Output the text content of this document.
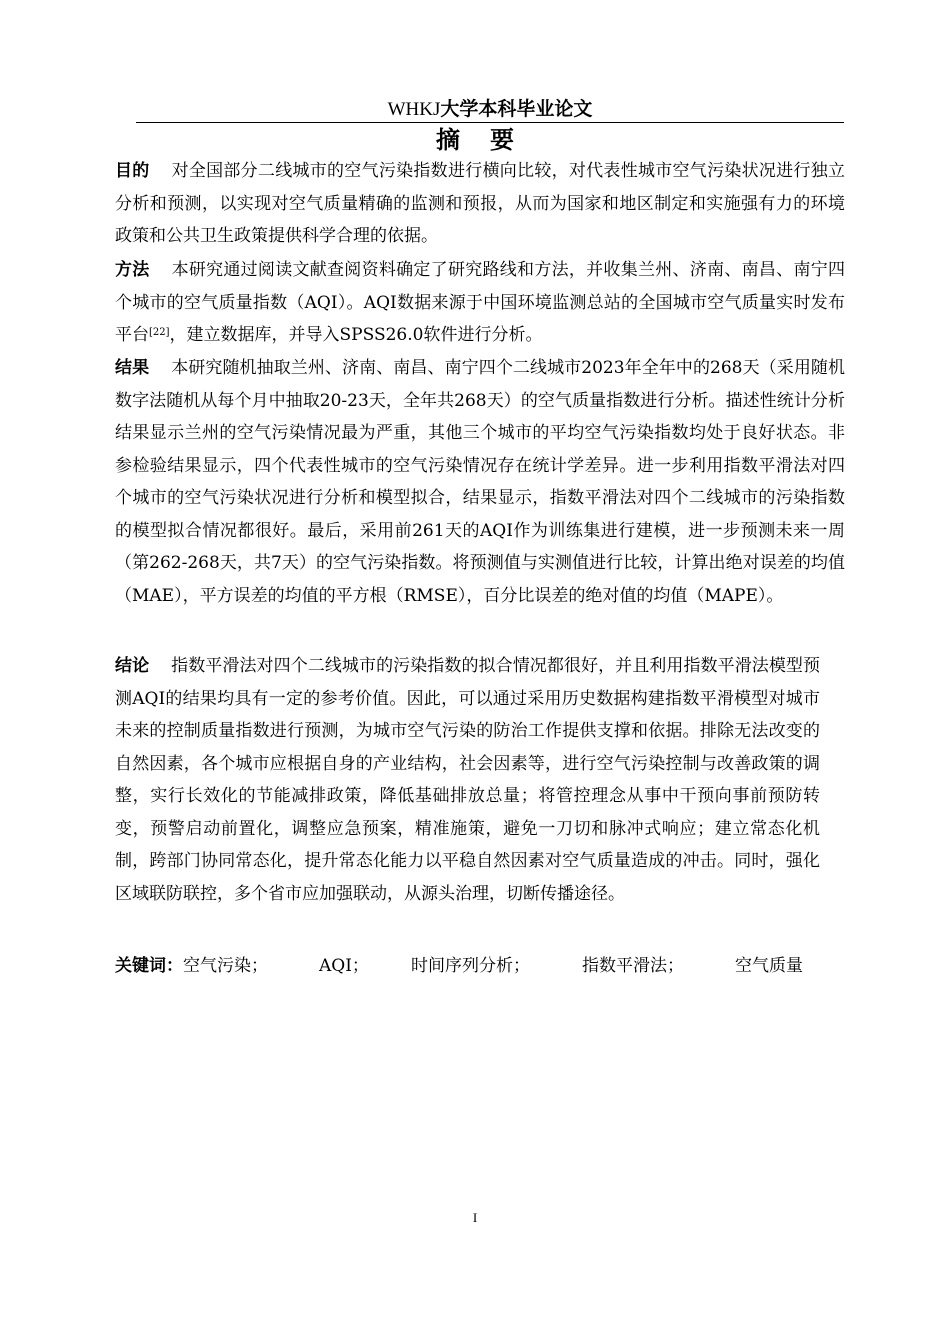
WHKJ大学本科毕业论文
摘要
目的 对全国部分二线城市的空气污染指数进行横向比较，对代表性城市空气污染状况进行独立分析和预测，以实现对空气质量精确的监测和预报，从而为国家和地区制定和实施强有力的环境政策和公共卫生政策提供科学合理的依据。
方法 本研究通过阅读文献查阅资料确定了研究路线和方法，并收集兰州、济南、南昌、南宁四个城市的空气质量指数（AQI）。AQI数据来源于中国环境监测总站的全国城市空气质量实时发布平台[22]，建立数据库，并导入SPSS26.0软件进行分析。
结果 本研究随机抽取兰州、济南、南昌、南宁四个二线城市2023年全年中的268天（采用随机数字法随机从每个月中抽取20-23天，全年共268天）的空气质量指数进行分析。描述性统计分析结果显示兰州的空气污染情况最为严重，其他三个城市的平均空气污染指数均处于良好状态。非参检验结果显示，四个代表性城市的空气污染情况存在统计学差异。进一步利用指数平滑法对四个城市的空气污染状况进行分析和模型拟合，结果显示，指数平滑法对四个二线城市的污染指数的模型拟合情况都很好。最后，采用前261天的AQI作为训练集进行建模，进一步预测未来一周（第262-268天，共7天）的空气污染指数。将预测值与实测值进行比较，计算出绝对误差的均值（MAE），平方误差的均值的平方根（RMSE），百分比误差的绝对值的均值（MAPE）。
结论 指数平滑法对四个二线城市的污染指数的拟合情况都很好，并且利用指数平滑法模型预测AQI的结果均具有一定的参考价值。因此，可以通过采用历史数据构建指数平滑模型对城市未来的控制质量指数进行预测，为城市空气污染的防治工作提供支撑和依据。排除无法改变的自然因素，各个城市应根据自身的产业结构，社会因素等，进行空气污染控制与改善政策的调整，实行长效化的节能减排政策，降低基础排放总量；将管控理念从事中干预向事前预防转变，预警启动前置化，调整应急预案，精准施策，避免一刀切和脉冲式响应；建立常态化机制，跨部门协同常态化，提升常态化能力以平稳自然因素对空气质量造成的冲击。同时，强化区域联防联控，多个省市应加强联动，从源头治理，切断传播途径。
关键词：空气污染；	AQI； 时间序列分析；	指数平滑法；	空气质量
I
